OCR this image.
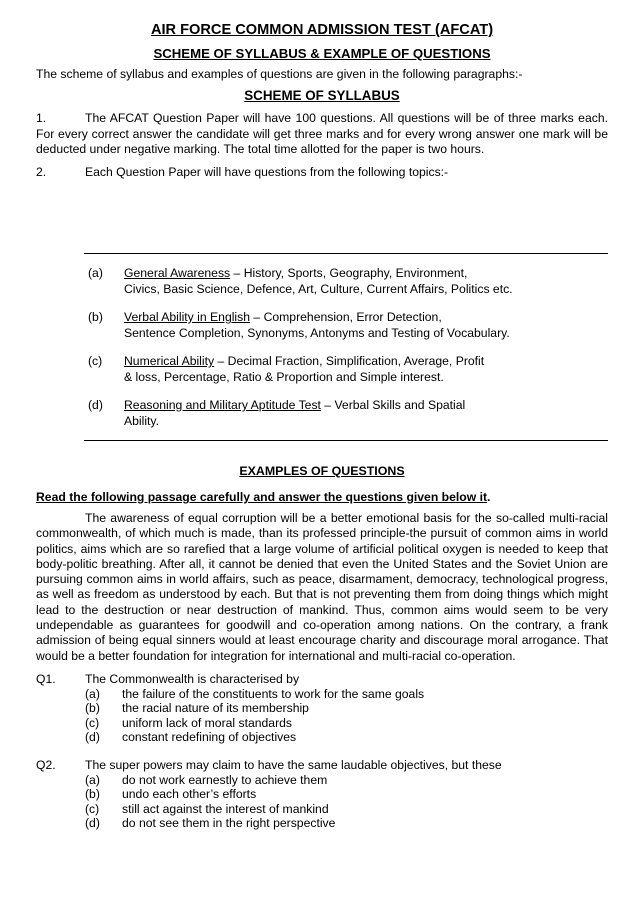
AIR FORCE COMMON ADMISSION TEST (AFCAT)
SCHEME OF SYLLABUS & EXAMPLE OF QUESTIONS
The scheme of syllabus and examples of questions are given in the following paragraphs:-
SCHEME OF SYLLABUS
1.	The AFCAT Question Paper will have 100 questions. All questions will be of three marks each. For every correct answer the candidate will get three marks and for every wrong answer one mark will be deducted under negative marking. The total time allotted for the paper is two hours.
2.	Each Question Paper will have questions from the following topics:-
(a)	General Awareness – History, Sports, Geography, Environment,
Civics, Basic Science, Defence, Art, Culture, Current Affairs, Politics etc.
(b)	Verbal Ability in English – Comprehension, Error Detection,
Sentence Completion, Synonyms, Antonyms and Testing of Vocabulary.
(c)	Numerical Ability – Decimal Fraction, Simplification, Average, Profit
& loss, Percentage, Ratio & Proportion and Simple interest.
(d)	Reasoning and Military Aptitude Test – Verbal Skills and Spatial
Ability.
EXAMPLES OF QUESTIONS
Read the following passage carefully and answer the questions given below it.
The awareness of equal corruption will be a better emotional basis for the so-called multi-racial commonwealth, of which much is made, than its professed principle-the pursuit of common aims in world politics, aims which are so rarefied that a large volume of artificial political oxygen is needed to keep that body-politic breathing. After all, it cannot be denied that even the United States and the Soviet Union are pursuing common aims in world affairs, such as peace, disarmament, democracy, technological progress, as well as freedom as understood by each. But that is not preventing them from doing things which might lead to the destruction or near destruction of mankind. Thus, common aims would seem to be very undependable as guarantees for goodwill and co-operation among nations. On the contrary, a frank admission of being equal sinners would at least encourage charity and discourage moral arrogance. That would be a better foundation for integration for international and multi-racial co-operation.
Q1.	The Commonwealth is characterised by
(a)	the failure of the constituents to work for the same goals
(b)	the racial nature of its membership
(c)	uniform lack of moral standards
(d)	constant redefining of objectives
Q2.	The super powers may claim to have the same laudable objectives, but these
(a)	do not work earnestly to achieve them
(b)	undo each other’s efforts
(c)	still act against the interest of mankind
(d)	do not see them in the right perspective
